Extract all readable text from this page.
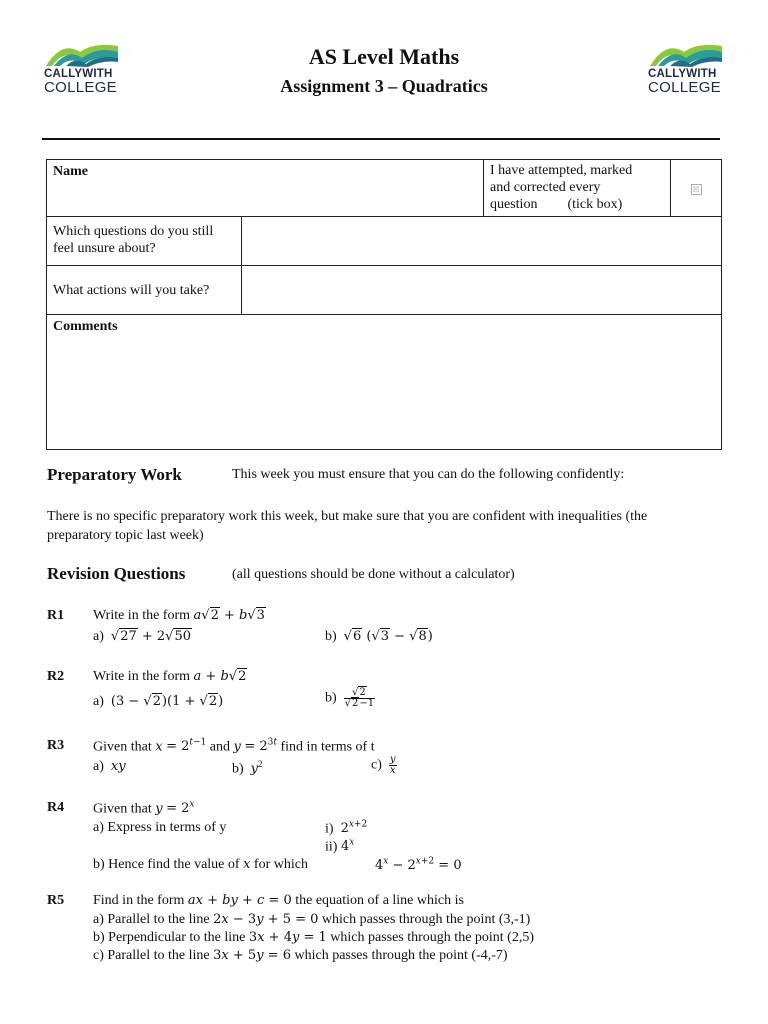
CALLYWITH
COLLEGE
CALLYWITH
COLLEGE
AS Level Maths
Assignment 3 – Quadratics
Name		I have attempted, marked
and corrected every
question (tick box)	☒

Which questions do you still
feel unsure about?			

What actions will you take?			
Comments			
Preparatory Work	This week you must ensure that you can do the following confidently:
There is no specific preparatory work this week, but make sure that you are confident with inequalities (the
preparatory topic last week)
Revision Questions	(all questions should be done without a calculator)
R1 Write in the form a√2 + b√3
a) √27 + 2√50	b) √6 (√3 − √8)
R2 Write in the form a + b√2
a) (3 − √2)(1 + √2)	$b) \frac{√2}{√2-1}$
R3 Given that $x = 2^{t-1}$ and $y = 2^{3t}$ find in terms of t
a) xy	b) $y^2$	$c) \frac{y}{x}$
R4 Given that $y = 2^x$
a) Express in terms of y	i) $2^{x+2}$
ii) 4$^x$
b) Hence find the value of x for which	$4^x - 2^{x+2} = 0$
R5 Find in the form ax + by + c = 0 the equation of a line which is
a) Parallel to the line 2x − 3y + 5 = 0 which passes through the point (3,-1)
b) Perpendicular to the line 3x + 4y = 1 which passes through the point (2,5)
c) Parallel to the line 3x + 5y = 6 which passes through the point (-4,-7)
